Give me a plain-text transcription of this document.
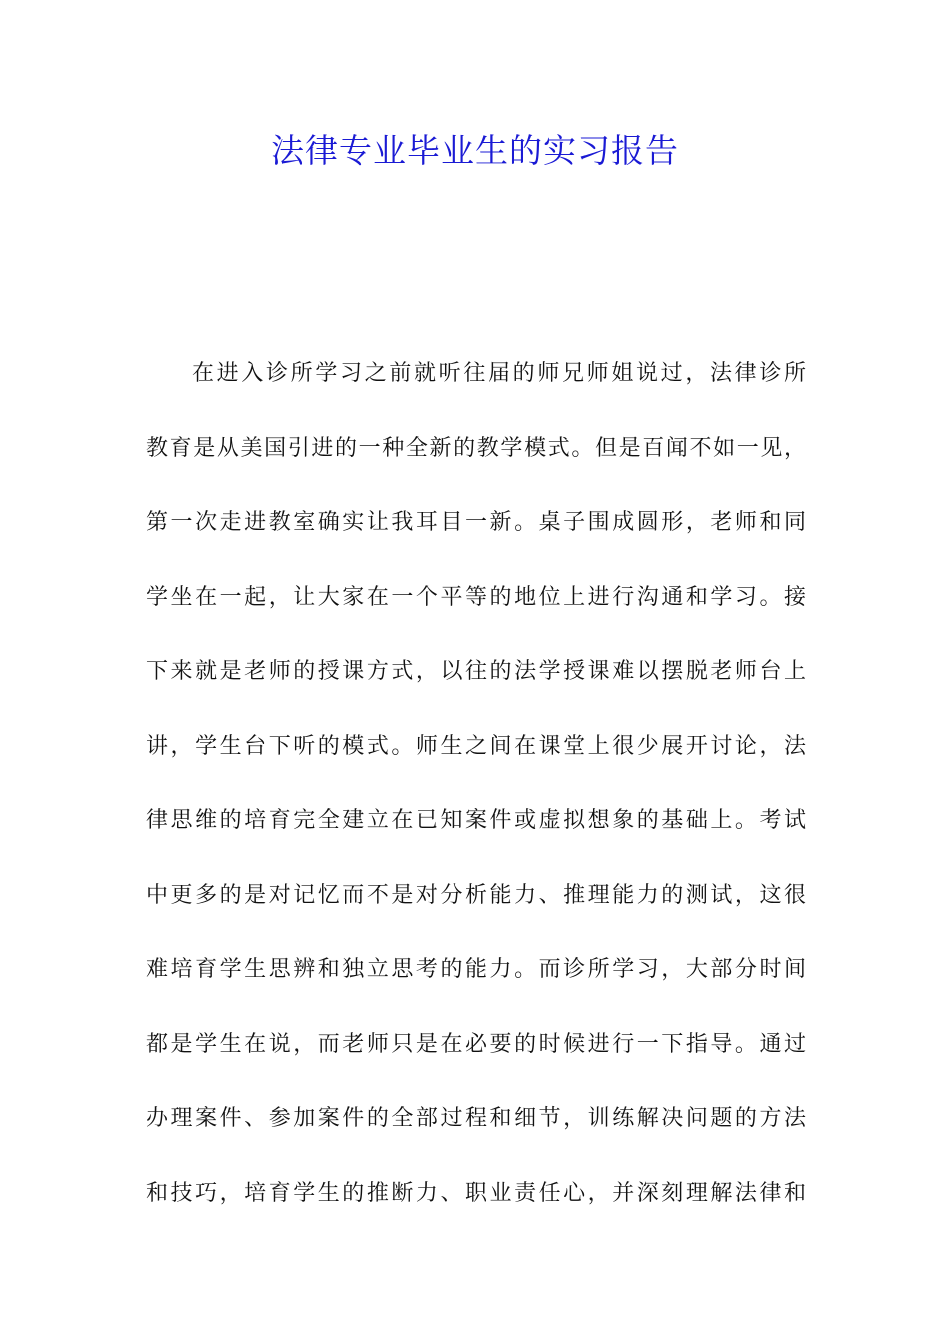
法律专业毕业生的实习报告
在进入诊所学习之前就听往届的师兄师姐说过，法律诊所
教育是从美国引进的一种全新的教学模式。但是百闻不如一见，
第一次走进教室确实让我耳目一新。桌子围成圆形，老师和同
学坐在一起，让大家在一个平等的地位上进行沟通和学习。接
下来就是老师的授课方式，以往的法学授课难以摆脱老师台上
讲，学生台下听的模式。师生之间在课堂上很少展开讨论，法
律思维的培育完全建立在已知案件或虚拟想象的基础上。考试
中更多的是对记忆而不是对分析能力、推理能力的测试，这很
难培育学生思辨和独立思考的能力。而诊所学习，大部分时间
都是学生在说，而老师只是在必要的时候进行一下指导。通过
办理案件、参加案件的全部过程和细节，训练解决问题的方法
和技巧，培育学生的推断力、职业责任心，并深刻理解法律和
